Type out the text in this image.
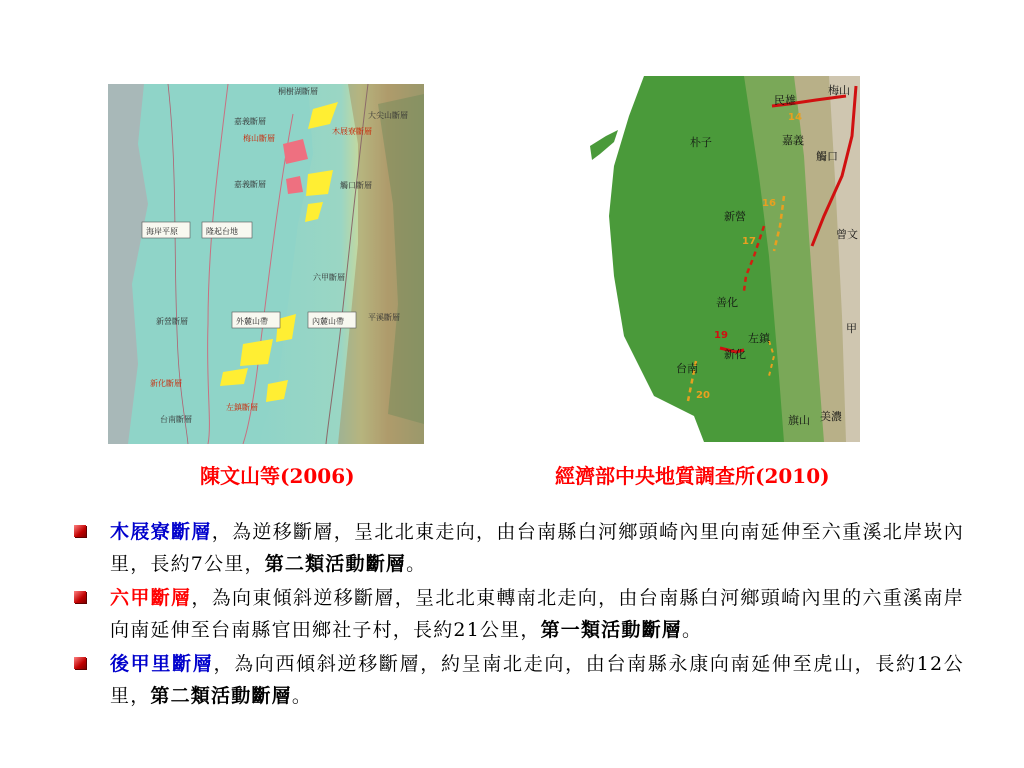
桐樹湖斷層
嘉義斷層
梅山斷層
大尖山斷層
木屐寮斷層
觸口斷層
嘉義斷層
海岸平原	隆起台地
新營斷層	外麓山帶	內麓山帶	平溪斷層
新化斷層
台南斷層
左鎮斷層
六甲斷層
民雄
梅山
朴子	嘉義
觸口
新營
曾文
善化
左鎮
新化
台南
甲
旗山 美濃
14
16
17
19
20
陳文山等(2006)	經濟部中央地質調查所(2010)
木屐寮斷層，為逆移斷層，呈北北東走向，由台南縣白河鄉頭崎內里向南延伸至六重溪北岸崁內里，長約7公里，第二類活動斷層。
六甲斷層，為向東傾斜逆移斷層，呈北北東轉南北走向，由台南縣白河鄉頭崎內里的六重溪南岸向南延伸至台南縣官田鄉社子村，長約21公里，第一類活動斷層。
後甲里斷層，為向西傾斜逆移斷層，約呈南北走向，由台南縣永康向南延伸至虎山，長約12公里，第二類活動斷層。
